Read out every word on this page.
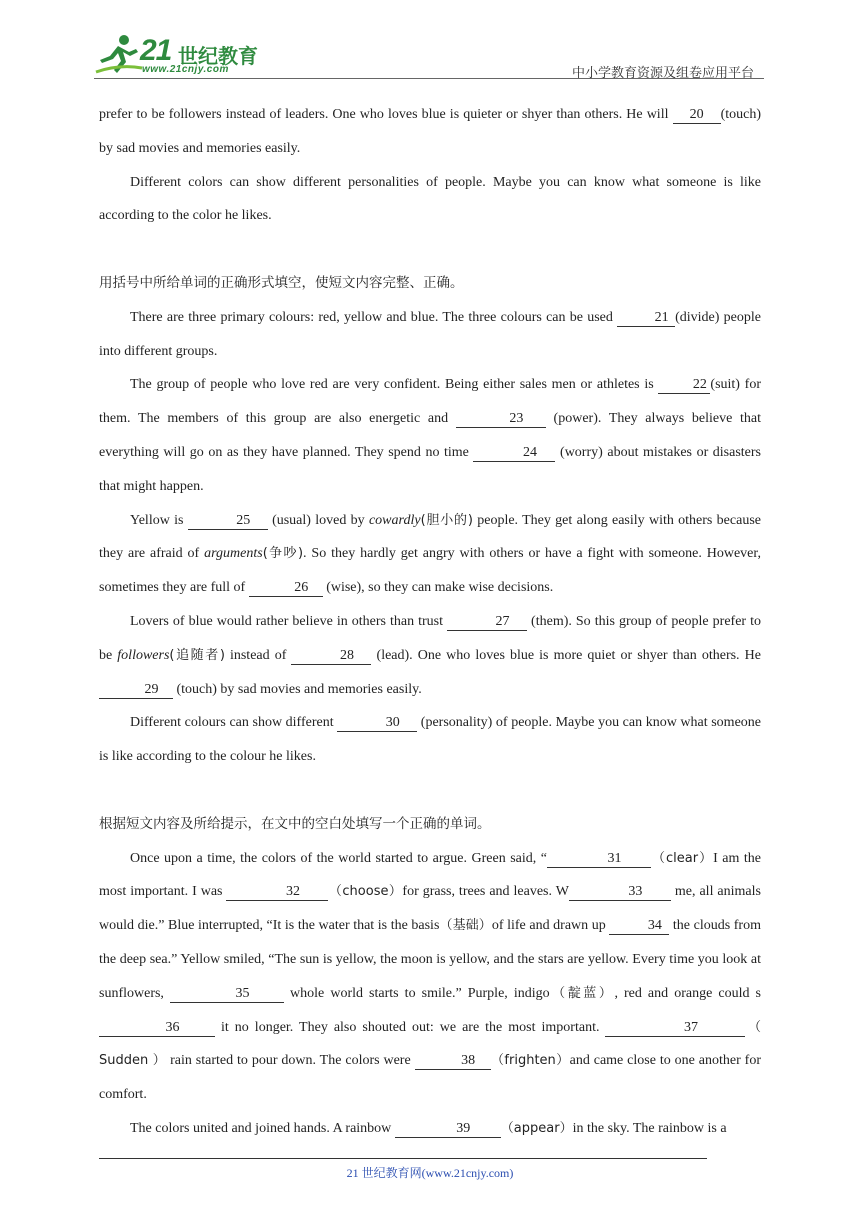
21 世纪教育
www.21cnjy.com	中小学教育资源及组卷应用平台

prefer to be followers instead of leaders. One who loves blue is quieter or shyer than others. He will 20 (touch) by sad movies and memories easily.

Different colors can show different personalities of people. Maybe you can know what someone is like according to the color he likes.

用括号中所给单词的正确形式填空，使短文内容完整、正确。

There are three primary colours: red, yellow and blue. The three colours can be used	21 (divide) people into different groups.

The group of people who love red are very confident. Being either sales men or athletes is 22 (suit) for them. The members of this group are also energetic and	23 (power). They always believe that everything will go on as they have planned. They spend no time	24 (worry) about mistakes or disasters that might happen.

Yellow is	25 (usual) loved by cowardly(胆小的) people. They get along easily with others because they are afraid of arguments(争吵). So they hardly get angry with others or have a fight with someone. However, sometimes they are full of	26 (wise), so they can make wise decisions.

Lovers of blue would rather believe in others than trust	27 (them). So this group of people prefer to be followers(追随者) instead of	28 (lead). One who loves blue is more quiet or shyer than others. He 29 (touch) by sad movies and memories easily.

Different colours can show different	30 (personality) of people. Maybe you can know what someone is like according to the colour he likes.

根据短文内容及所给提示，在文中的空白处填写一个正确的单词。

Once upon a time, the colors of the world started to argue. Green said, “	31 （clear）I am the most important. I was	32 （choose）for grass, trees and leaves. W	33 me, all animals would die.” Blue interrupted, “It is the water that is the basis（基础）of life and drawn up	34 the clouds from the deep sea.” Yellow smiled, “The sun is yellow, the moon is yellow, and the stars are yellow. Every time you look at sunflowers,	35 whole world starts to smile.” Purple, indigo（靛蓝）, red and orange could s36	it no longer. They also shouted out: we are the most important.	37	（ Sudden ） rain started to pour down. The colors were	38 （frighten）and came close to one another for comfort.

The colors united and joined hands. A rainbow	39 （appear）in the sky. The rainbow is a

21 世纪教育网(www.21cnjy.com)
